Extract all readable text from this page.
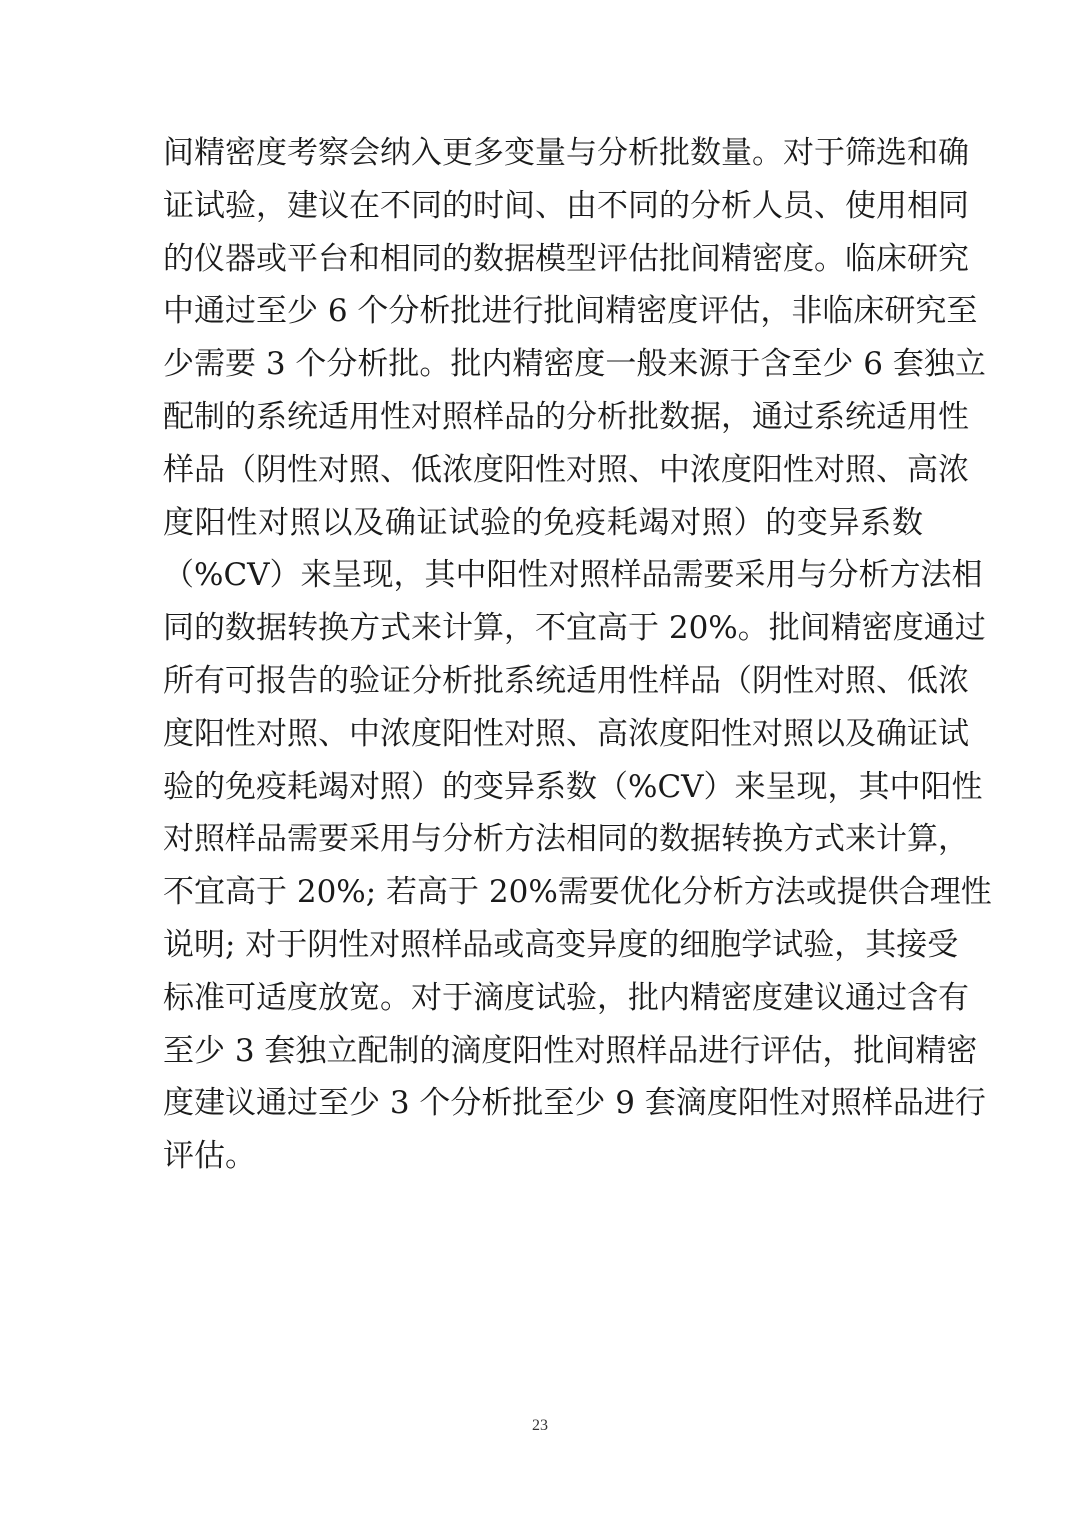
间精密度考察会纳入更多变量与分析批数量。对于筛选和确
证试验，建议在不同的时间、由不同的分析人员、使用相同
的仪器或平台和相同的数据模型评估批间精密度。临床研究
中通过至少 6 个分析批进行批间精密度评估，非临床研究至
少需要 3 个分析批。批内精密度一般来源于含至少 6 套独立
配制的系统适用性对照样品的分析批数据，通过系统适用性
样品（阴性对照、低浓度阳性对照、中浓度阳性对照、高浓
度阳性对照以及确证试验的免疫耗竭对照）的变异系数
（%CV）来呈现，其中阳性对照样品需要采用与分析方法相
同的数据转换方式来计算，不宜高于 20%。批间精密度通过
所有可报告的验证分析批系统适用性样品（阴性对照、低浓
度阳性对照、中浓度阳性对照、高浓度阳性对照以及确证试
验的免疫耗竭对照）的变异系数（%CV）来呈现，其中阳性
对照样品需要采用与分析方法相同的数据转换方式来计算，
不宜高于 20%; 若高于 20%需要优化分析方法或提供合理性
说明; 对于阴性对照样品或高变异度的细胞学试验，其接受
标准可适度放宽。对于滴度试验，批内精密度建议通过含有
至少 3 套独立配制的滴度阳性对照样品进行评估，批间精密
度建议通过至少 3 个分析批至少 9 套滴度阳性对照样品进行
评估。
23
